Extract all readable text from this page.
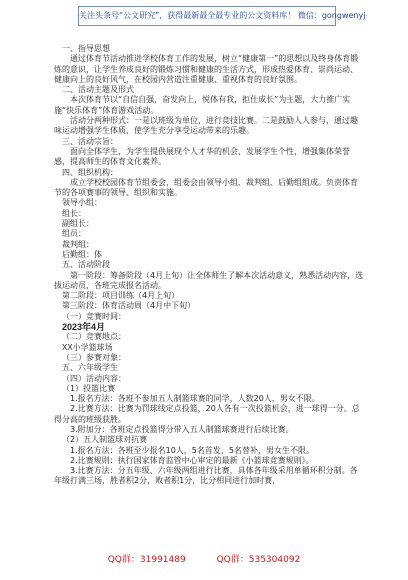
关注头条号“公文研究”，获得最新最全最专业的公文资料库！ 微信：gongwenyj

一、指导思想

通过体育节活动推进学校体育工作的发展，树立“健康第一”的思想以及终身体育锻炼的意识，让学生养成良好的锻炼习惯和健康的生活方式，形成热爱体育、崇尚运动、健康向上的良好风气，在校园内营造注重健康、重视体育的良好氛围。

二、活动主题及形式

本次体育节以“自信自强，奋发向上，悦体有我，拒仕成长”为主题，大力推广实施“快乐体育”体育游戏活动。

活动分两种形式：一是以班级为单位，进行竞技比赛。二是鼓励人人参与，通过趣味运动增强学生体质，使学生充分享受运动带来的乐趣。

三、活动宗旨：

面向全体学生，为学生提供展现个人才华的机会，发展学生个性，增强集体荣誉感，提高师生的体育文化素养。

四、组织机构：

成立学校校园体育节组委会，组委会由领导小组、裁判组、后勤组组成。负责体育节的各项赛事的领导、组织和实施。

领导小组：

组长：

副组长：

组员：

裁判组：

后勤组：体

五、活动阶段

第一阶段：筹备阶段（4月上旬）让全体师生了解本次活动意义，熟悉活动内容，选拔运动员，各班完成报名活动。

第二阶段：项目训练（4月上旬）

第三阶段：体育活动周（4月中下旬）

（一）竞赛时间：

2023年4月

（二）竞赛地点：

XX小学篮球场

（三）参赛对象：

五、六年级学生

（四）活动内容：

（1）投篮比赛

1.报名方法：各班不参加五人制篮球赛的同学，人数20人，男女不限。

2.比赛方法：比赛为罚球线定点投篮，20人各有一次投篮机会，进一球得一分。总得分高的班级获胜。

3.附加分：各班定点投篮得分带入五人制篮球赛进行后续比赛。

（2）五人制篮球对抗赛

1.报名方法：各班至少报名10人，5名首发，5名替补，男女生不限。

2.比赛规则：执行国家体育监管中心审定的最新《小篮球竞赛规则》。

3.比赛方法：分五年级、六年级两组进行比赛，具体各年级采用单循环积分制。各年级打满三场，胜者积2分，败者积1分，比分相同进行加时赛，

QQ群：31991489	QQ群：535304092
